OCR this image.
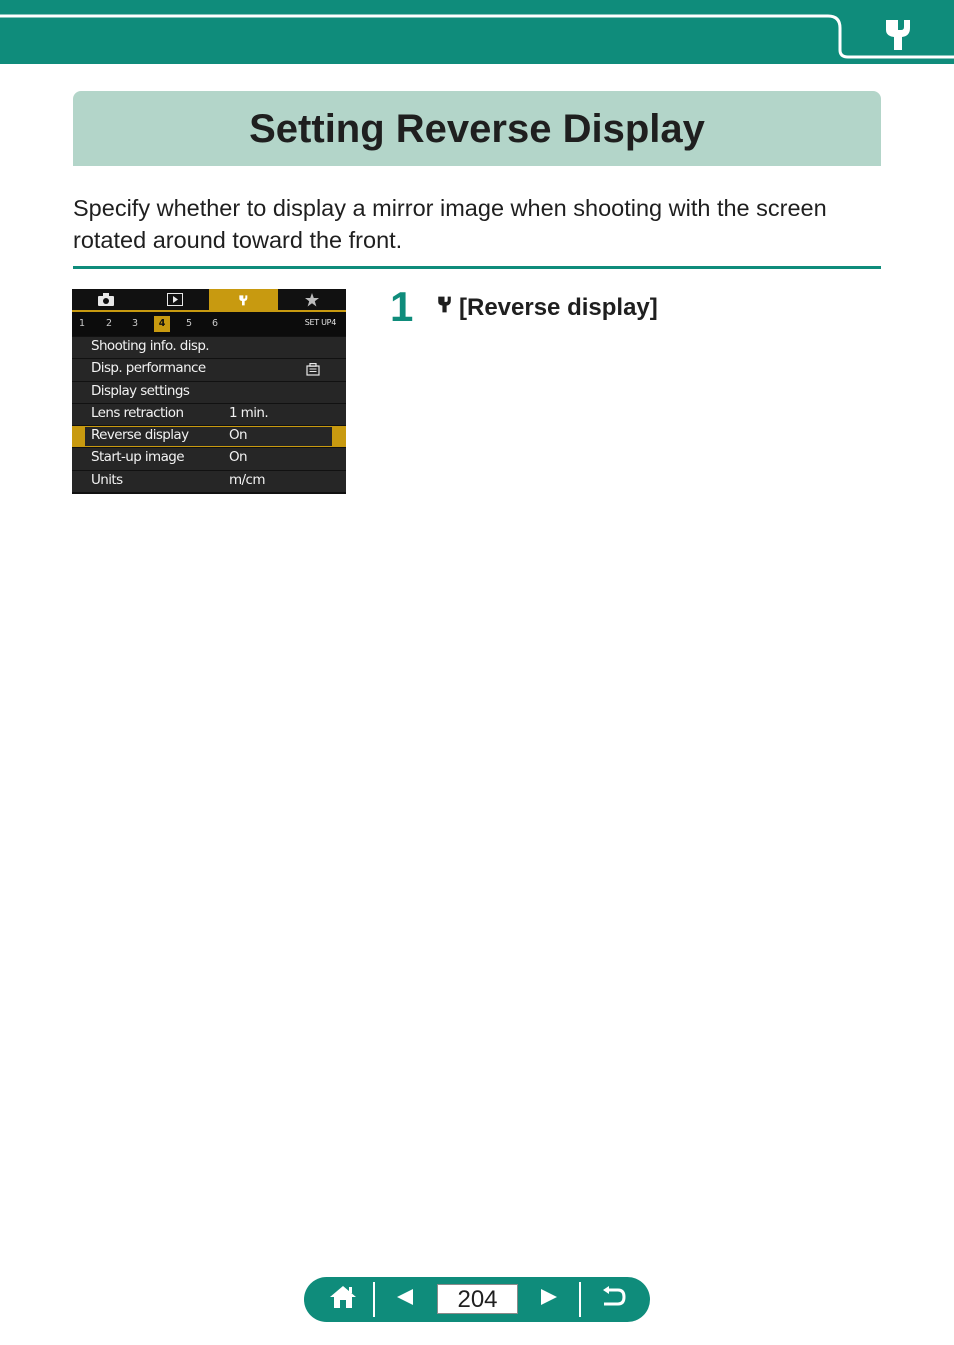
Setting Reverse Display
Specify whether to display a mirror image when shooting with the screen rotated around toward the front.
1	2	3	4	5	6	SET UP4
Shooting info. disp.
Disp. performance
Display settings
Lens retraction	1 min.
Reverse display	On
Start-up image	On
Units	m/cm
1 [Reverse display]
204
